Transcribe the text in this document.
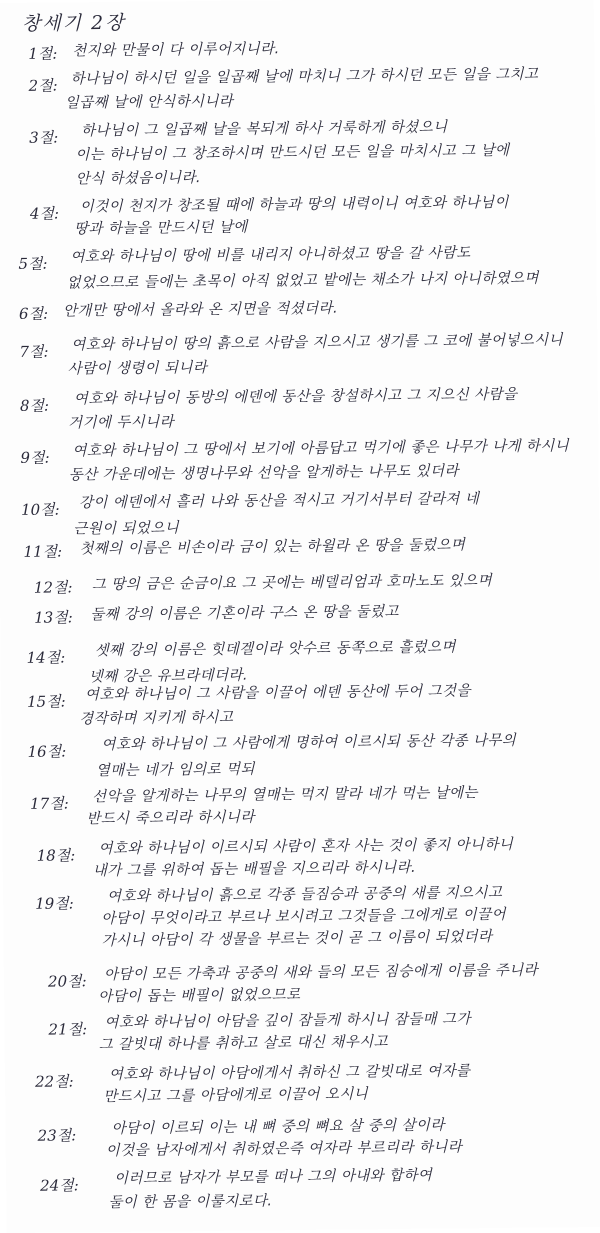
창세기 2장
1절: 천지와 만물이 다 이루어지니라.
2절: 하나님이 하시던 일을 일곱째 날에 마치니 그가 하시던 모든 일을 그치고
일곱째 날에 안식하시니라
3절: 하나님이 그 일곱째 날을 복되게 하사 거룩하게 하셨으니
이는 하나님이 그 창조하시며 만드시던 모든 일을 마치시고 그 날에
안식 하셨음이니라.
4절: 이것이 천지가 창조될 때에 하늘과 땅의 내력이니 여호와 하나님이
땅과 하늘을 만드시던 날에
5절: 여호와 하나님이 땅에 비를 내리지 아니하셨고 땅을 갈 사람도
없었으므로 들에는 초목이 아직 없었고 밭에는 채소가 나지 아니하였으며
6절: 안개만 땅에서 올라와 온 지면을 적셨더라.
7절: 여호와 하나님이 땅의 흙으로 사람을 지으시고 생기를 그 코에 불어넣으시니
사람이 생령이 되니라
8절: 여호와 하나님이 동방의 에덴에 동산을 창설하시고 그 지으신 사람을
거기에 두시니라
9절: 여호와 하나님이 그 땅에서 보기에 아름답고 먹기에 좋은 나무가 나게 하시니
동산 가운데에는 생명나무와 선악을 알게하는 나무도 있더라
10절: 강이 에덴에서 흘러 나와 동산을 적시고 거기서부터 갈라져 네
근원이 되었으니
11절: 첫째의 이름은 비손이라 금이 있는 하윌라 온 땅을 둘렀으며
12절: 그 땅의 금은 순금이요 그 곳에는 베델리엄과 호마노도 있으며
13절: 둘째 강의 이름은 기혼이라 구스 온 땅을 둘렀고
14절: 셋째 강의 이름은 힛데겔이라 앗수르 동쪽으로 흘렀으며
넷째 강은 유브라데더라.
15절: 여호와 하나님이 그 사람을 이끌어 에덴 동산에 두어 그것을
경작하며 지키게 하시고
16절: 여호와 하나님이 그 사람에게 명하여 이르시되 동산 각종 나무의
열매는 네가 임의로 먹되
17절: 선악을 알게하는 나무의 열매는 먹지 말라 네가 먹는 날에는
반드시 죽으리라 하시니라
18절: 여호와 하나님이 이르시되 사람이 혼자 사는 것이 좋지 아니하니
내가 그를 위하여 돕는 배필을 지으리라 하시니라.
19절: 여호와 하나님이 흙으로 각종 들짐승과 공중의 새를 지으시고
아담이 무엇이라고 부르나 보시려고 그것들을 그에게로 이끌어
가시니 아담이 각 생물을 부르는 것이 곧 그 이름이 되었더라
20절: 아담이 모든 가축과 공중의 새와 들의 모든 짐승에게 이름을 주니라
아담이 돕는 배필이 없었으므로
21절: 여호와 하나님이 아담을 깊이 잠들게 하시니 잠들매 그가
그 갈빗대 하나를 취하고 살로 대신 채우시고
22절: 여호와 하나님이 아담에게서 취하신 그 갈빗대로 여자를
만드시고 그를 아담에게로 이끌어 오시니
23절: 아담이 이르되 이는 내 뼈 중의 뼈요 살 중의 살이라
이것을 남자에게서 취하였은즉 여자라 부르리라 하니라
24절: 이러므로 남자가 부모를 떠나 그의 아내와 합하여
둘이 한 몸을 이룰지로다.
